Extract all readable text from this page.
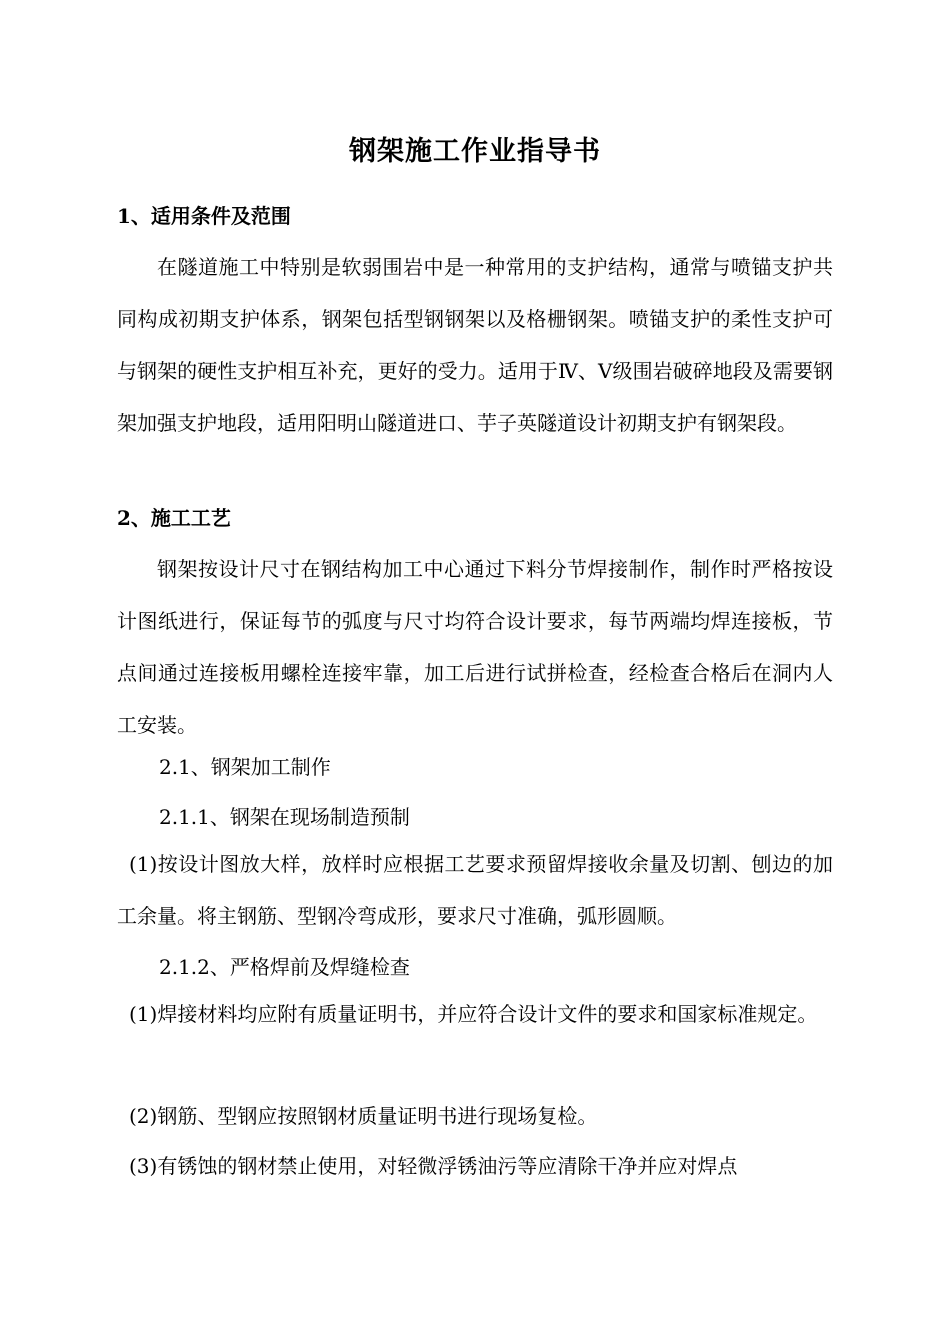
钢架施工作业指导书
1、适用条件及范围
在隧道施工中特别是软弱围岩中是一种常用的支护结构，通常与喷锚支护共同构成初期支护体系，钢架包括型钢钢架以及格栅钢架。喷锚支护的柔性支护可与钢架的硬性支护相互补充，更好的受力。适用于Ⅳ、Ⅴ级围岩破碎地段及需要钢架加强支护地段，适用阳明山隧道进口、芋子英隧道设计初期支护有钢架段。
2、施工工艺
钢架按设计尺寸在钢结构加工中心通过下料分节焊接制作，制作时严格按设计图纸进行，保证每节的弧度与尺寸均符合设计要求，每节两端均焊连接板，节点间通过连接板用螺栓连接牢靠，加工后进行试拼检查，经检查合格后在洞内人工安装。
2.1、钢架加工制作
2.1.1、钢架在现场制造预制
(1)按设计图放大样，放样时应根据工艺要求预留焊接收余量及切割、刨边的加工余量。将主钢筋、型钢冷弯成形，要求尺寸准确，弧形圆顺。
2.1.2、严格焊前及焊缝检查
(1)焊接材料均应附有质量证明书，并应符合设计文件的要求和国家标准规定。
(2)钢筋、型钢应按照钢材质量证明书进行现场复检。
(3)有锈蚀的钢材禁止使用，对轻微浮锈油污等应清除干净并应对焊点
